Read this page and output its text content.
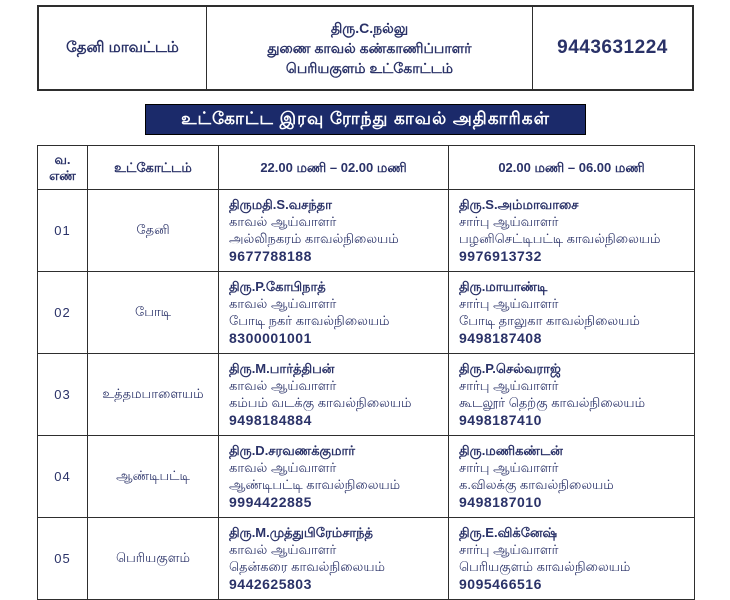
தேனி மாவட்டம்
திரு.C.நல்லு
துணை காவல் கண்காணிப்பாளர்
பெரியகுளம் உட்கோட்டம்
9443631224
உட்கோட்ட இரவு ரோந்து காவல் அதிகாரிகள்
வ. எண்	உட்கோட்டம்	22.00 மணி – 02.00 மணி	02.00 மணி – 06.00 மணி
01	தேனி	
திருமதி.S.வசந்தா
காவல் ஆய்வாளர்
அல்லிநகரம் காவல்நிலையம்
9677788188

திரு.S.அம்மாவாசை
சார்பு ஆய்வாளர்
பழனிசெட்டிபட்டி காவல்நிலையம்
9976913732

02	போடி	
திரு.P.கோபிநாத்
காவல் ஆய்வாளர்
போடி நகர் காவல்நிலையம்
8300001001

திரு.மாயாண்டி
சார்பு ஆய்வாளர்
போடி தாலுகா காவல்நிலையம்
9498187408

03	உத்தமபாளையம்	
திரு.M.பார்த்திபன்
காவல் ஆய்வாளர்
கம்பம் வடக்கு காவல்நிலையம்
9498184884

திரு.P.செல்வராஜ்
சார்பு ஆய்வாளர்
கூடலூர் தெற்கு காவல்நிலையம்
9498187410

04	ஆண்டிபட்டி	
திரு.D.சரவணக்குமார்
காவல் ஆய்வாளர்
ஆண்டிபட்டி காவல்நிலையம்
9994422885

திரு.மணிகண்டன்
சார்பு ஆய்வாளர்
க.விலக்கு காவல்நிலையம்
9498187010

05	பெரியகுளம்	
திரு.M.முத்துபிரேம்சாந்த்
காவல் ஆய்வாளர்
தென்கரை காவல்நிலையம்
9442625803

திரு.E.விக்னேஷ்
சார்பு ஆய்வாளர்
பெரியகுளம் காவல்நிலையம்
9095466516
